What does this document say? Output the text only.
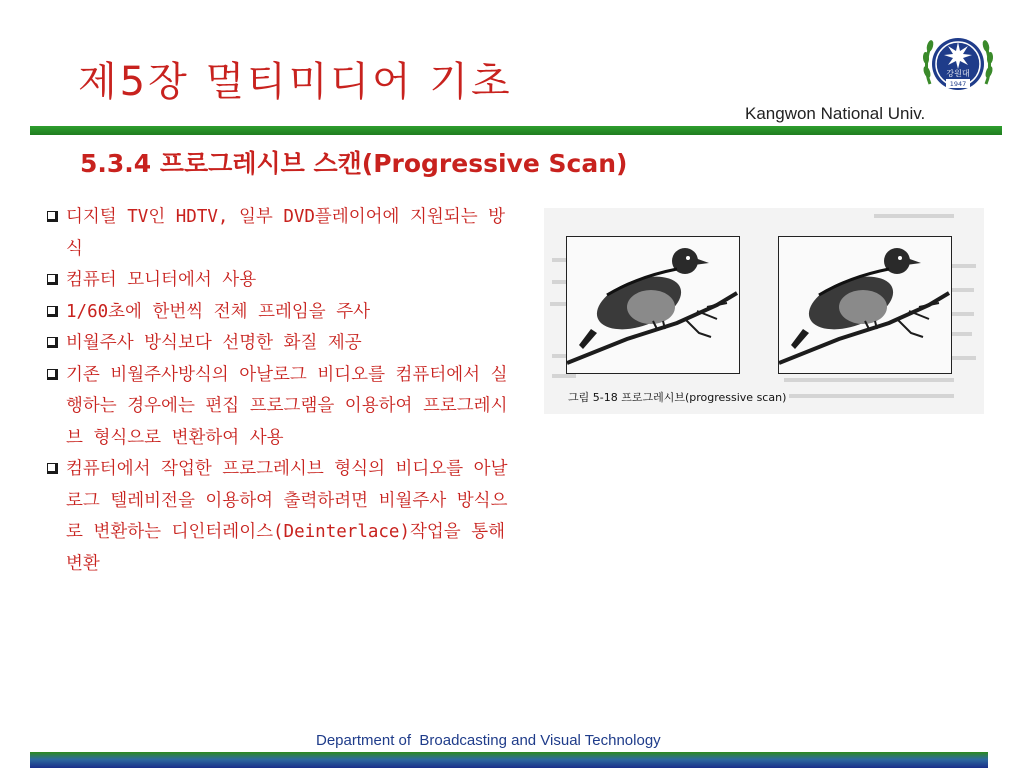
제5장 멀티미디어 기초	강원대
1947
Kangwon National Univ.
5.3.4 프로그레시브 스캔(Progressive Scan)
디지털 TV인 HDTV, 일부 DVD플레이어에 지원되는 방식
컴퓨터 모니터에서 사용
1/60초에 한번씩 전체 프레임을 주사
비월주사 방식보다 선명한 화질 제공
기존 비월주사방식의 아날로그 비디오를 컴퓨터에서 실행하는 경우에는 편집 프로그램을 이용하여 프로그레시브 형식으로 변환하여 사용
컴퓨터에서 작업한 프로그레시브 형식의 비디오를 아날로그 텔레비전을 이용하여 출력하려면 비월주사 방식으로 변환하는 디인터레이스(Deinterlace)작업을 통해 변환
그림 5-18 프로그레시브(progressive scan)
Department of  Broadcasting and Visual Technology
